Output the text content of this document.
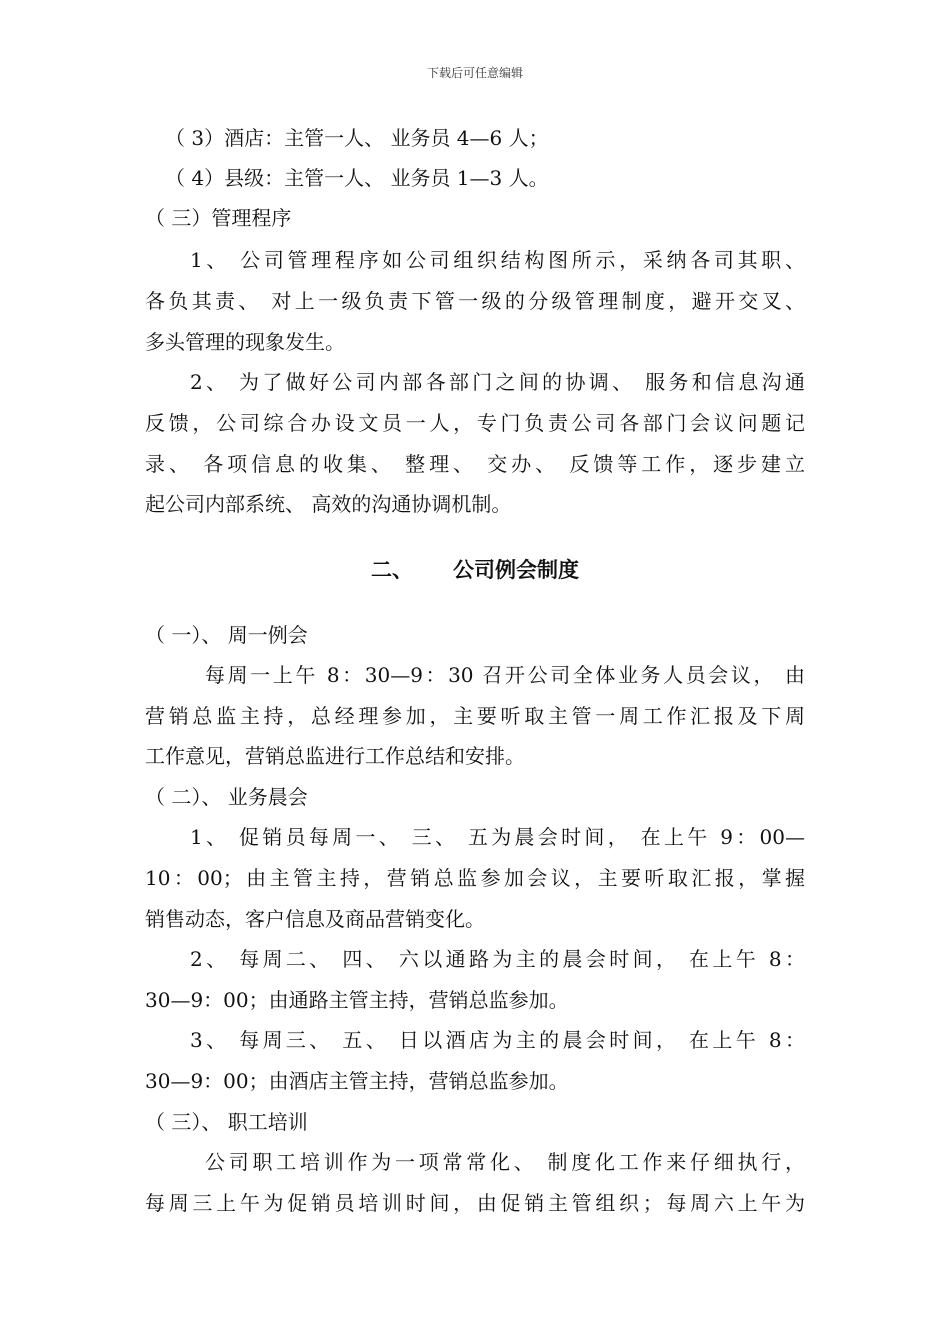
下载后可任意编辑
（ 3）酒店：主管一人、 业务员 4—6 人；
（ 4）县级：主管一人、 业务员 1—3 人。
（ 三）管理程序
1、 公司管理程序如公司组织结构图所示，采纳各司其职、
各负其责、 对上一级负责下管一级的分级管理制度，避开交叉、
多头管理的现象发生。
2、 为了做好公司内部各部门之间的协调、 服务和信息沟通
反馈，公司综合办设文员一人，专门负责公司各部门会议问题记
录、 各项信息的收集、 整理、 交办、 反馈等工作，逐步建立
起公司内部系统、 高效的沟通协调机制。
二、 公司例会制度
（ 一）、 周一例会
每周一上午 8：30—9：30 召开公司全体业务人员会议， 由
营销总监主持，总经理参加，主要听取主管一周工作汇报及下周
工作意见，营销总监进行工作总结和安排。
（ 二）、 业务晨会
1、 促销员每周一、 三、 五为晨会时间， 在上午 9：00—
10：00；由主管主持，营销总监参加会议，主要听取汇报，掌握
销售动态，客户信息及商品营销变化。
2、 每周二、 四、 六以通路为主的晨会时间， 在上午 8：
30—9：00；由通路主管主持，营销总监参加。
3、 每周三、 五、 日以酒店为主的晨会时间， 在上午 8：
30—9：00；由酒店主管主持，营销总监参加。
（ 三）、 职工培训
公司职工培训作为一项常常化、 制度化工作来仔细执行，
每周三上午为促销员培训时间，由促销主管组织；每周六上午为
